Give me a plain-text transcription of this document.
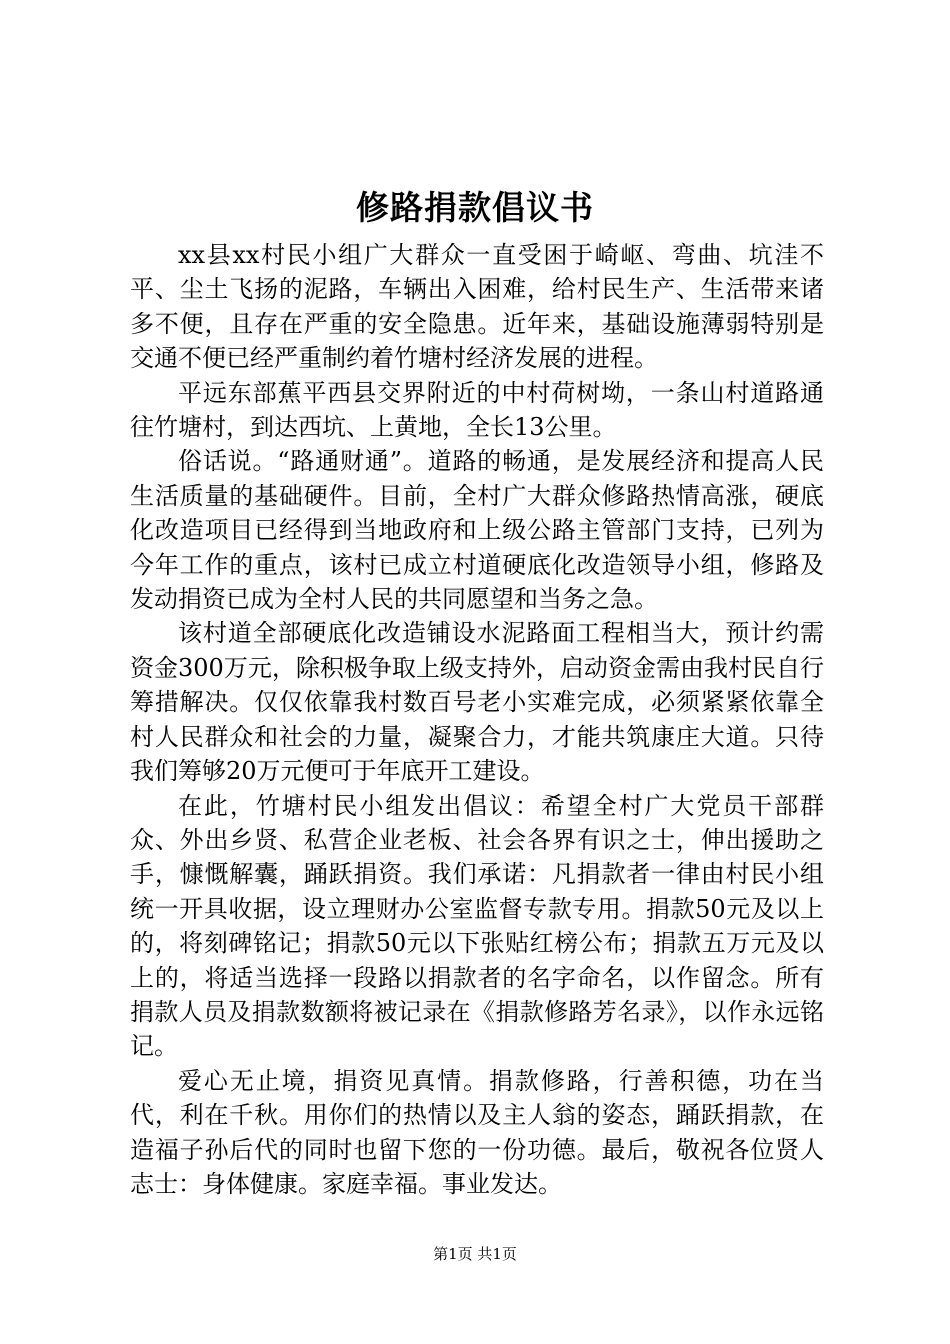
修路捐款倡议书

xx县xx村民小组广大群众一直受困于崎岖、弯曲、坑洼不平、尘土飞扬的泥路，车辆出入困难，给村民生产、生活带来诸多不便，且存在严重的安全隐患。近年来，基础设施薄弱特别是交通不便已经严重制约着竹塘村经济发展的进程。

平远东部蕉平西县交界附近的中村荷树坳，一条山村道路通往竹塘村，到达西坑、上黄地，全长13公里。

俗话说。“路通财通”。道路的畅通，是发展经济和提高人民生活质量的基础硬件。目前，全村广大群众修路热情高涨，硬底化改造项目已经得到当地政府和上级公路主管部门支持，已列为今年工作的重点，该村已成立村道硬底化改造领导小组，修路及发动捐资已成为全村人民的共同愿望和当务之急。

该村道全部硬底化改造铺设水泥路面工程相当大，预计约需资金300万元，除积极争取上级支持外，启动资金需由我村民自行筹措解决。仅仅依靠我村数百号老小实难完成，必须紧紧依靠全村人民群众和社会的力量，凝聚合力，才能共筑康庄大道。只待我们筹够20万元便可于年底开工建设。

在此，竹塘村民小组发出倡议：希望全村广大党员干部群众、外出乡贤、私营企业老板、社会各界有识之士，伸出援助之手，慷慨解囊，踊跃捐资。我们承诺：凡捐款者一律由村民小组统一开具收据，设立理财办公室监督专款专用。捐款50元及以上的，将刻碑铭记；捐款50元以下张贴红榜公布；捐款五万元及以上的，将适当选择一段路以捐款者的名字命名，以作留念。所有捐款人员及捐款数额将被记录在《捐款修路芳名录》，以作永远铭记。

爱心无止境，捐资见真情。捐款修路，行善积德，功在当代，利在千秋。用你们的热情以及主人翁的姿态，踊跃捐款，在造福子孙后代的同时也留下您的一份功德。最后，敬祝各位贤人志士：身体健康。家庭幸福。事业发达。

第1页 共1页
